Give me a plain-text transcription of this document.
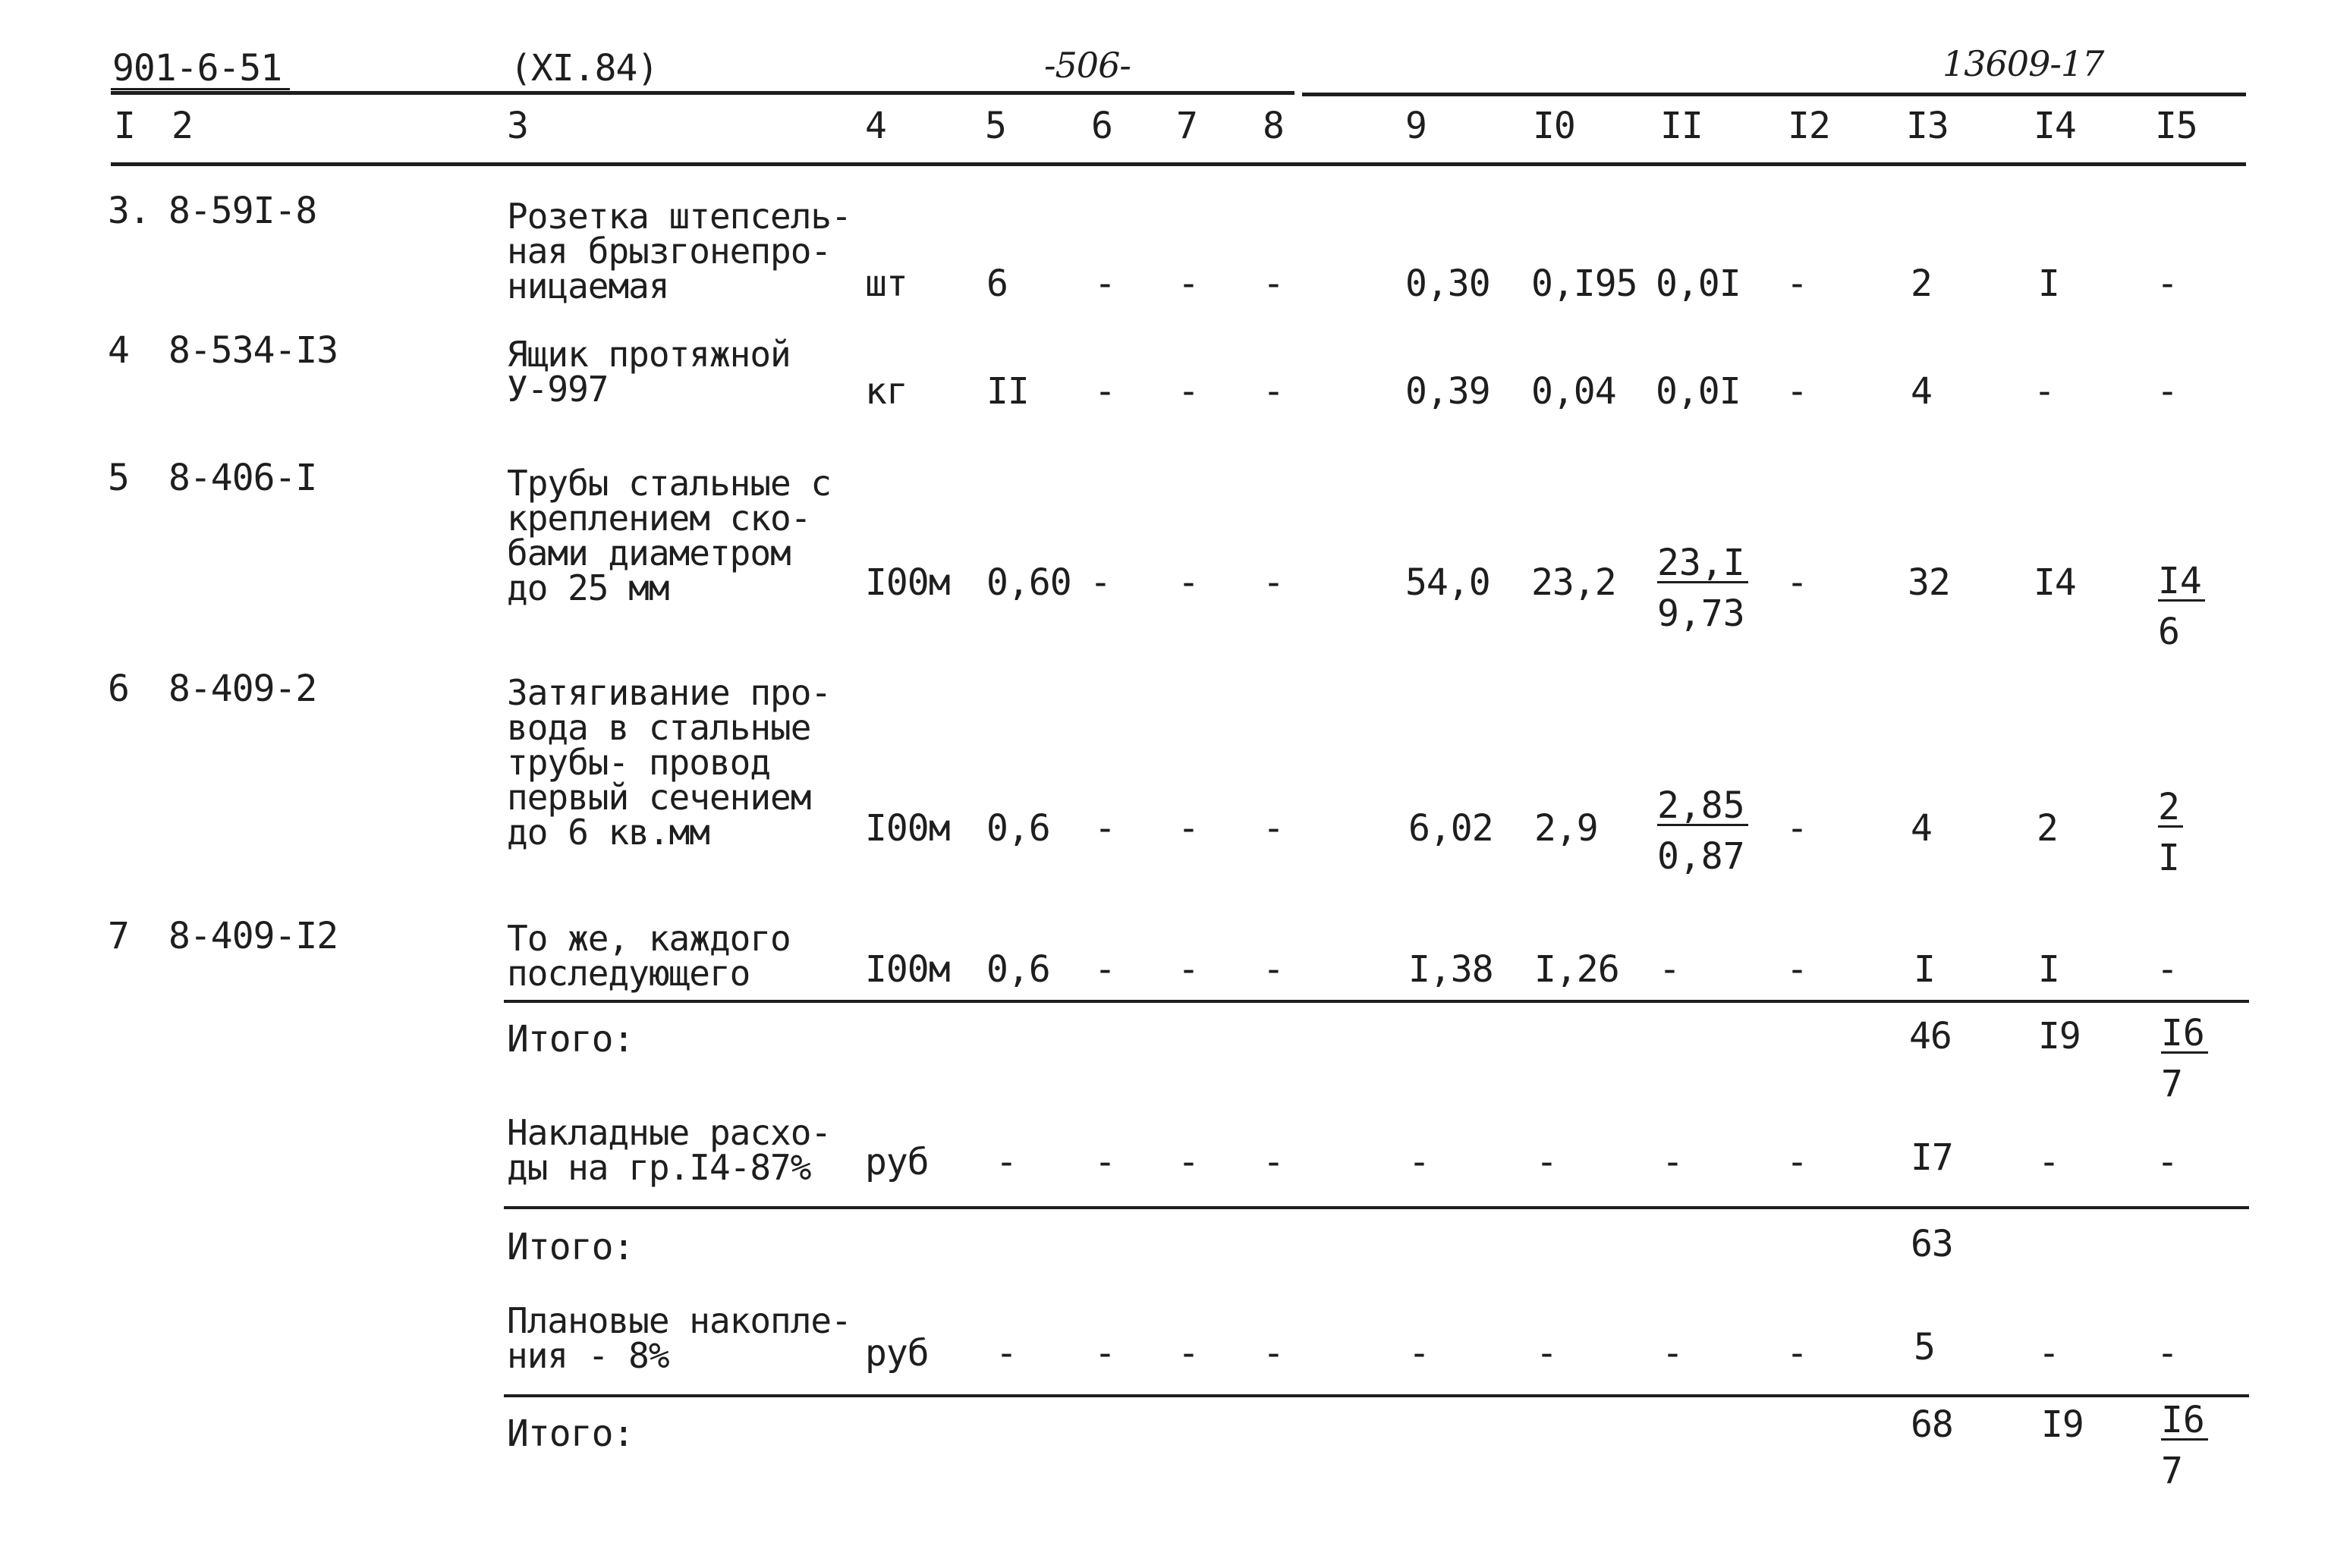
901-6-51	(XI.84)	-506-	13609-17
I 2	3	4	5 6 7 8	9	I0 II I2 I3 I4 I5
3. 8-59I-8	Розетка штепсель-
ная брызгонепро-
ницаемая	шт 6 - - -	0,30 0,I95 0,0I -	2	I	-
4 8-534-I3	Ящик протяжной
У-997	кг II - - -	0,39 0,04 0,0I -	4	-	-
5 8-406-I	Трубы стальные с
креплением ско-
бами диаметром
до 25 мм	I00м 0,60 - - -	54,0 $23,2 \frac{23,I}{9,73}$ -	32 $I4 \frac{I4}{6}$
6 8-409-2	Затягивание про-
вода в стальные
трубы- провод
первый сечением
до 6 кв.мм	I00м 0,6 - - -	6,02 $2,9 \frac{2,85}{0,87}$ -	4	2	$\frac{2}{I}$
7 8-409-I2	То же, каждого
последующего	I00м 0,6 - - -	I,38 I,26 -	-	I	I	-
Итого:	46 $I9 \frac{I6}{7}$
Накладные расхо-
ды на гр.I4-87%	руб - - - -	-	-	-	-	I7 -	-
Итого:	63
Плановые накопле-
ния - 8%	руб - - - -	-	-	-	-	5	-	-
Итого:	68 $I9 \frac{I6}{7}$
